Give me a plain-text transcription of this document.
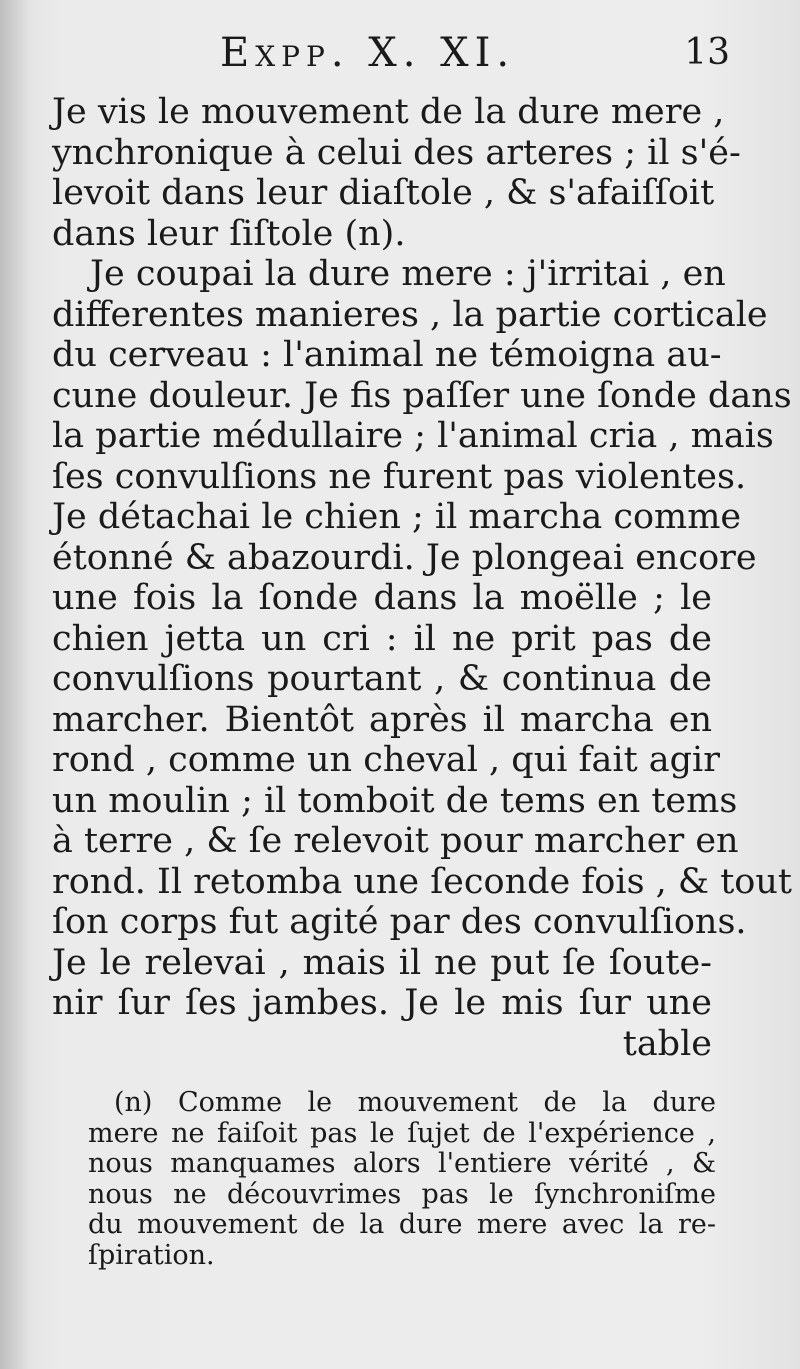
Expp. X. XI.	13
Je vis le mouvement de la dure mere ,
ynchronique à celui des arteres ; il s'é-
levoit dans leur diaſtole , & s'afaiſſoit
dans leur ſiſtole (n).
Je coupai la dure mere : j'irritai , en
differentes manieres , la partie corticale
du cerveau : l'animal ne témoigna au-
cune douleur. Je fis paſſer une ſonde dans
la partie médullaire ; l'animal cria , mais
ſes convulſions ne furent pas violentes.
Je détachai le chien ; il marcha comme
étonné & abazourdi. Je plongeai encore
une fois la ſonde dans la moëlle ; le
chien jetta un cri : il ne prit pas de
convulſions pourtant , & continua de
marcher. Bientôt après il marcha en
rond , comme un cheval , qui fait agir
un moulin ; il tomboit de tems en tems
à terre , & ſe relevoit pour marcher en
rond. Il retomba une ſeconde fois , & tout
ſon corps fut agité par des convulſions.
Je le relevai , mais il ne put ſe ſoute-
nir ſur ſes jambes. Je le mis ſur une
table
(n) Comme le mouvement de la dure
mere ne faiſoit pas le ſujet de l'expérience ,
nous manquames alors l'entiere vérité , &
nous ne découvrimes pas le ſynchroniſme
du mouvement de la dure mere avec la re-
ſpiration.
